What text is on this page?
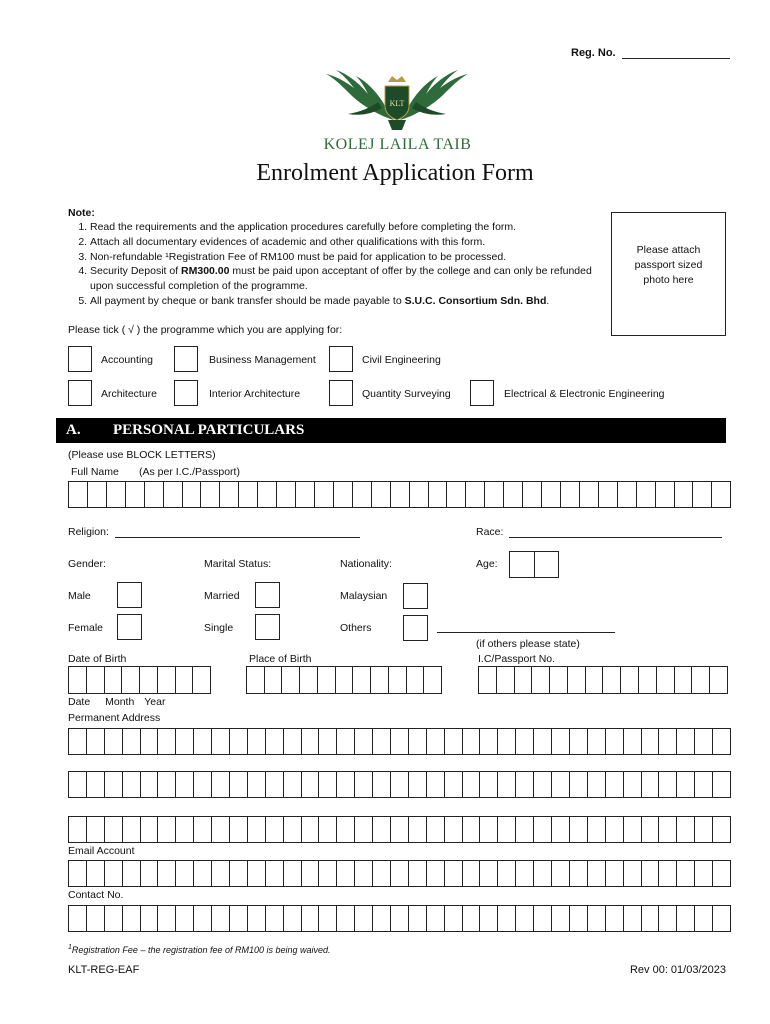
Reg. No.
KLT
KOLEJ LAILA TAIB
Enrolment Application Form
Note:
1. Read the requirements and the application procedures carefully before completing the form.
2. Attach all documentary evidences of academic and other qualifications with this form.
3. Non-refundable ¹Registration Fee of RM100 must be paid for application to be processed.
4. Security Deposit of RM300.00 must be paid upon acceptant of offer by the college and can only be refunded upon successful completion of the programme.
5. All payment by cheque or bank transfer should be made payable to S.U.C. Consortium Sdn. Bhd.
Please attach passport sized photo here
Please tick ( √ ) the programme which you are applying for:
Accounting	Business Management	Civil Engineering
Architecture	Interior Architecture	Quantity Surveying	Electrical & Electronic Engineering
A. PERSONAL PARTICULARS
(Please use BLOCK LETTERS)
Full Name (As per I.C./Passport)
Religion:	Race:
Gender:	Marital Status:	Nationality:	Age:
Male	Married	Malaysian
Female	Single	Others
(if others please state)
Date of Birth	Place of Birth	I.C/Passport No.
Date Month Year
Permanent Address
Email Account
Contact No.
$^1$Registration Fee – the registration fee of RM100 is being waived.
KLT-REG-EAF	Rev 00: 01/03/2023
